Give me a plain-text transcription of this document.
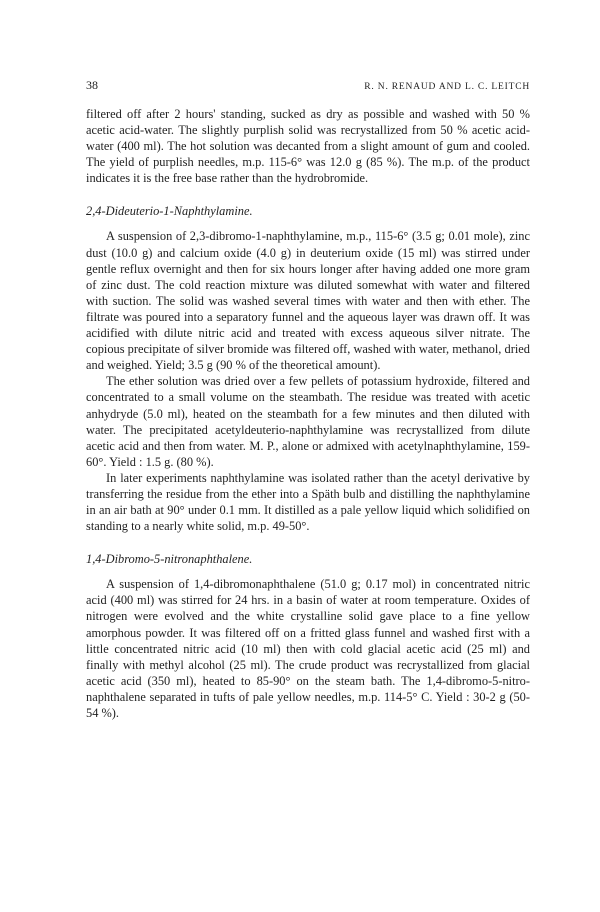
38	R. N. RENAUD AND L. C. LEITCH

filtered off after 2 hours' standing, sucked as dry as possible and washed with 50 % acetic acid-water. The slightly purplish solid was recrystallized from 50 % acetic acid-water (400 ml). The hot solution was decanted from a slight amount of gum and cooled. The yield of purplish needles, m.p. 115-6° was 12.0 g (85 %). The m.p. of the product indicates it is the free base rather than the hydrobromide.

2,4-Dideuterio-1-Naphthylamine.

A suspension of 2,3-dibromo-1-naphthylamine, m.p., 115-6° (3.5 g; 0.01 mole), zinc dust (10.0 g) and calcium oxide (4.0 g) in deuterium oxide (15 ml) was stirred under gentle reflux overnight and then for six hours longer after having added one more gram of zinc dust. The cold reaction mixture was diluted somewhat with water and filtered with suction. The solid was washed several times with water and then with ether. The filtrate was poured into a separatory funnel and the aqueous layer was drawn off. It was acidified with dilute nitric acid and treated with excess aqueous silver nitrate. The copious precipitate of silver bromide was filtered off, washed with water, methanol, dried and weighed. Yield; 3.5 g (90 % of the theoretical amount).

The ether solution was dried over a few pellets of potassium hydroxide, filtered and concentrated to a small volume on the steambath. The residue was treated with acetic anhydryde (5.0 ml), heated on the steambath for a few minutes and then diluted with water. The precipitated acetyldeuterio-naphthylamine was recrystallized from dilute acetic acid and then from water. M. P., alone or admixed with acetylnaphthylamine, 159-60°. Yield : 1.5 g. (80 %).

In later experiments naphthylamine was isolated rather than the acetyl derivative by transferring the residue from the ether into a Späth bulb and distilling the naphthylamine in an air bath at 90° under 0.1 mm. It distilled as a pale yellow liquid which solidified on standing to a nearly white solid, m.p. 49-50°.

1,4-Dibromo-5-nitronaphthalene.

A suspension of 1,4-dibromonaphthalene (51.0 g; 0.17 mol) in concentrated nitric acid (400 ml) was stirred for 24 hrs. in a basin of water at room temperature. Oxides of nitrogen were evolved and the white crystalline solid gave place to a fine yellow amorphous powder. It was filtered off on a fritted glass funnel and washed first with a little concentrated nitric acid (10 ml) then with cold glacial acetic acid (25 ml) and finally with methyl alcohol (25 ml). The crude product was recrystallized from glacial acetic acid (350 ml), heated to 85-90° on the steam bath. The 1,4-dibromo-5-nitro-naphthalene separated in tufts of pale yellow needles, m.p. 114-5° C. Yield : 30-2 g (50-54 %).
